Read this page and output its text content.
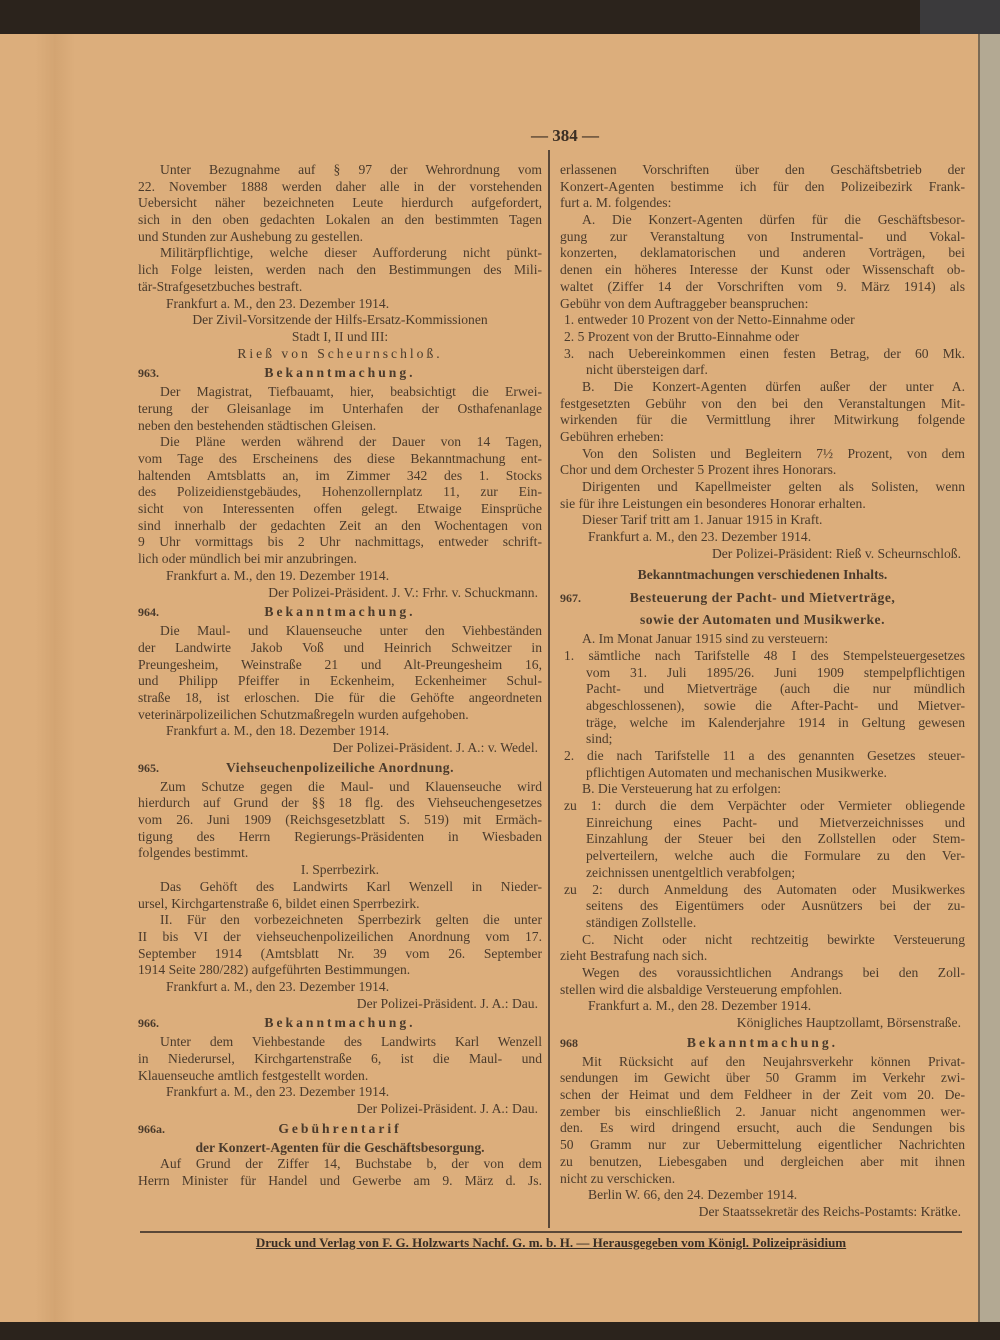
— 384 —
Unter Bezugnahme auf § 97 der Wehrordnung vom
22. November 1888 werden daher alle in der vorstehenden
Uebersicht näher bezeichneten Leute hierdurch aufgefordert,
sich in den oben gedachten Lokalen an den bestimmten Tagen
und Stunden zur Aushebung zu gestellen.
Militärpflichtige, welche dieser Aufforderung nicht pünkt-
lich Folge leisten, werden nach den Bestimmungen des Mili-
tär-Strafgesetzbuches bestraft.
Frankfurt a. M., den 23. Dezember 1914.
Der Zivil-Vorsitzende der Hilfs-Ersatz-Kommissionen
Stadt I, II und III:
Rieß von Scheurnschloß.
963.	Bekanntmachung.
Der Magistrat, Tiefbauamt, hier, beabsichtigt die Erwei-
terung der Gleisanlage im Unterhafen der Osthafenanlage
neben den bestehenden städtischen Gleisen.
Die Pläne werden während der Dauer von 14 Tagen,
vom Tage des Erscheinens des diese Bekanntmachung ent-
haltenden Amtsblatts an, im Zimmer 342 des 1. Stocks
des Polizeidienstgebäudes, Hohenzollernplatz 11, zur Ein-
sicht von Interessenten offen gelegt. Etwaige Einsprüche
sind innerhalb der gedachten Zeit an den Wochentagen von
9 Uhr vormittags bis 2 Uhr nachmittags, entweder schrift-
lich oder mündlich bei mir anzubringen.
Frankfurt a. M., den 19. Dezember 1914.
Der Polizei-Präsident. J. V.: Frhr. v. Schuckmann.
964.	Bekanntmachung.
Die Maul- und Klauenseuche unter den Viehbeständen
der Landwirte Jakob Voß und Heinrich Schweitzer in
Preungesheim, Weinstraße 21 und Alt-Preungesheim 16,
und Philipp Pfeiffer in Eckenheim, Eckenheimer Schul-
straße 18, ist erloschen. Die für die Gehöfte angeordneten
veterinärpolizeilichen Schutzmaßregeln wurden aufgehoben.
Frankfurt a. M., den 18. Dezember 1914.
Der Polizei-Präsident. J. A.: v. Wedel.
965.	Viehseuchenpolizeiliche Anordnung.
Zum Schutze gegen die Maul- und Klauenseuche wird
hierdurch auf Grund der §§ 18 flg. des Viehseuchengesetzes
vom 26. Juni 1909 (Reichsgesetzblatt S. 519) mit Ermäch-
tigung des Herrn Regierungs-Präsidenten in Wiesbaden
folgendes bestimmt.
I. Sperrbezirk.
Das Gehöft des Landwirts Karl Wenzell in Nieder-
ursel, Kirchgartenstraße 6, bildet einen Sperrbezirk.
II. Für den vorbezeichneten Sperrbezirk gelten die unter
II bis VI der viehseuchenpolizeilichen Anordnung vom 17.
September 1914 (Amtsblatt Nr. 39 vom 26. September
1914 Seite 280/282) aufgeführten Bestimmungen.
Frankfurt a. M., den 23. Dezember 1914.
Der Polizei-Präsident. J. A.: Dau.
966.	Bekanntmachung.
Unter dem Viehbestande des Landwirts Karl Wenzell
in Niederursel, Kirchgartenstraße 6, ist die Maul- und
Klauenseuche amtlich festgestellt worden.
Frankfurt a. M., den 23. Dezember 1914.
Der Polizei-Präsident. J. A.: Dau.
966a.	Gebührentarif
der Konzert-Agenten für die Geschäftsbesorgung.
Auf Grund der Ziffer 14, Buchstabe b, der von dem
Herrn Minister für Handel und Gewerbe am 9. März d. Js.
erlassenen Vorschriften über den Geschäftsbetrieb der
Konzert-Agenten bestimme ich für den Polizeibezirk Frank-
furt a. M. folgendes:
A. Die Konzert-Agenten dürfen für die Geschäftsbesor-
gung zur Veranstaltung von Instrumental- und Vokal-
konzerten, deklamatorischen und anderen Vorträgen, bei
denen ein höheres Interesse der Kunst oder Wissenschaft ob-
waltet (Ziffer 14 der Vorschriften vom 9. März 1914) als
Gebühr von dem Auftraggeber beanspruchen:
1. entweder 10 Prozent von der Netto-Einnahme oder
2. 5 Prozent von der Brutto-Einnahme oder
3. nach Uebereinkommen einen festen Betrag, der 60 Mk.
nicht übersteigen darf.
B. Die Konzert-Agenten dürfen außer der unter A.
festgesetzten Gebühr von den bei den Veranstaltungen Mit-
wirkenden für die Vermittlung ihrer Mitwirkung folgende
Gebühren erheben:
Von den Solisten und Begleitern 7½ Prozent, von dem
Chor und dem Orchester 5 Prozent ihres Honorars.
Dirigenten und Kapellmeister gelten als Solisten, wenn
sie für ihre Leistungen ein besonderes Honorar erhalten.
Dieser Tarif tritt am 1. Januar 1915 in Kraft.
Frankfurt a. M., den 23. Dezember 1914.
Der Polizei-Präsident: Rieß v. Scheurnschloß.
Bekanntmachungen verschiedenen Inhalts.
967.	Besteuerung der Pacht- und Mietverträge,
sowie der Automaten und Musikwerke.
A. Im Monat Januar 1915 sind zu versteuern:
1. sämtliche nach Tarifstelle 48 I des Stempelsteuergesetzes
vom 31. Juli 1895/26. Juni 1909 stempelpflichtigen
Pacht- und Mietverträge (auch die nur mündlich
abgeschlossenen), sowie die After-Pacht- und Mietver-
träge, welche im Kalenderjahre 1914 in Geltung gewesen
sind;
2. die nach Tarifstelle 11 a des genannten Gesetzes steuer-
pflichtigen Automaten und mechanischen Musikwerke.
B. Die Versteuerung hat zu erfolgen:
zu 1: durch die dem Verpächter oder Vermieter obliegende
Einreichung eines Pacht- und Mietverzeichnisses und
Einzahlung der Steuer bei den Zollstellen oder Stem-
pelverteilern, welche auch die Formulare zu den Ver-
zeichnissen unentgeltlich verabfolgen;
zu 2: durch Anmeldung des Automaten oder Musikwerkes
seitens des Eigentümers oder Ausnützers bei der zu-
ständigen Zollstelle.
C. Nicht oder nicht rechtzeitig bewirkte Versteuerung
zieht Bestrafung nach sich.
Wegen des voraussichtlichen Andrangs bei den Zoll-
stellen wird die alsbaldige Versteuerung empfohlen.
Frankfurt a. M., den 28. Dezember 1914.
Königliches Hauptzollamt, Börsenstraße.
968	Bekanntmachung.
Mit Rücksicht auf den Neujahrsverkehr können Privat-
sendungen im Gewicht über 50 Gramm im Verkehr zwi-
schen der Heimat und dem Feldheer in der Zeit vom 20. De-
zember bis einschließlich 2. Januar nicht angenommen wer-
den. Es wird dringend ersucht, auch die Sendungen bis
50 Gramm nur zur Uebermittelung eigentlicher Nachrichten
zu benutzen, Liebesgaben und dergleichen aber mit ihnen
nicht zu verschicken.
Berlin W. 66, den 24. Dezember 1914.
Der Staatssekretär des Reichs-Postamts: Krätke.
Druck und Verlag von F. G. Holzwarts Nachf. G. m. b. H. — Herausgegeben vom Königl. Polizeipräsidium
